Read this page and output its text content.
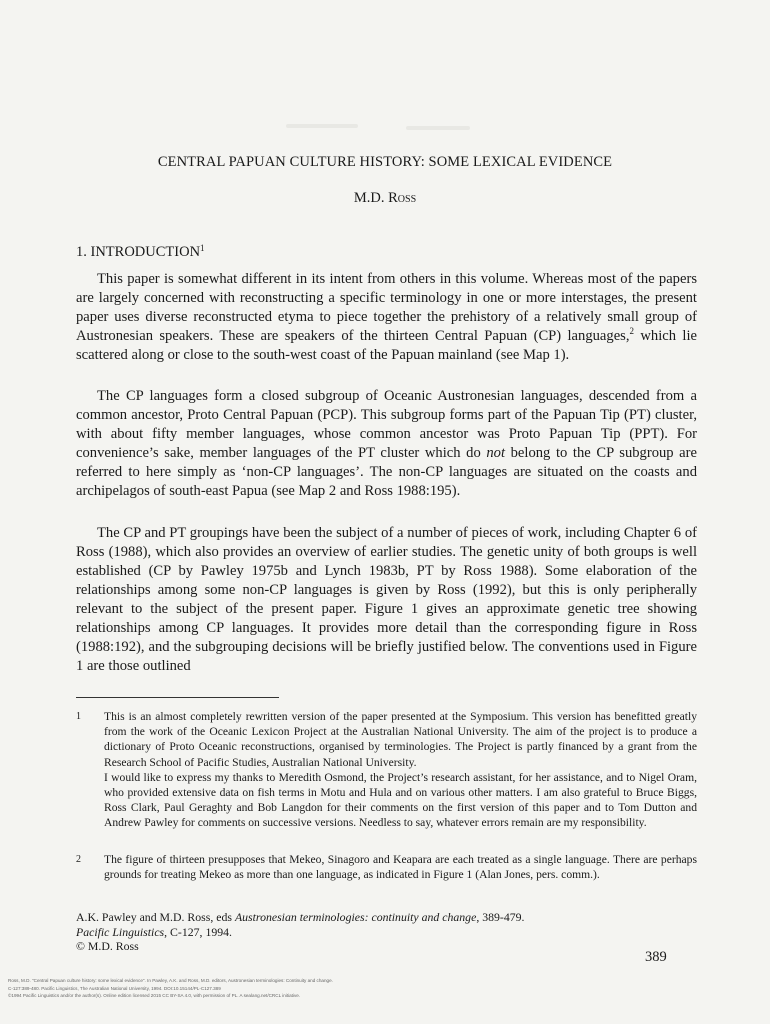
CENTRAL PAPUAN CULTURE HISTORY: SOME LEXICAL EVIDENCE
M.D. Ross
1. INTRODUCTION$^1$

This paper is somewhat different in its intent from others in this volume. Whereas most of the papers are largely concerned with reconstructing a specific terminology in one or more interstages, the present paper uses diverse reconstructed etyma to piece together the prehistory of a relatively small group of Austronesian speakers. These are speakers of the thirteen Central Papuan (CP) languages,$^2$ which lie scattered along or close to the south-west coast of the Papuan mainland (see Map 1).

The CP languages form a closed subgroup of Oceanic Austronesian languages, descended from a common ancestor, Proto Central Papuan (PCP). This subgroup forms part of the Papuan Tip (PT) cluster, with about fifty member languages, whose common ancestor was Proto Papuan Tip (PPT). For convenience’s sake, member languages of the PT cluster which do not belong to the CP subgroup are referred to here simply as ‘non-CP languages’. The non-CP languages are situated on the coasts and archipelagos of south-east Papua (see Map 2 and Ross 1988:195).

The CP and PT groupings have been the subject of a number of pieces of work, including Chapter 6 of Ross (1988), which also provides an overview of earlier studies. The genetic unity of both groups is well established (CP by Pawley 1975b and Lynch 1983b, PT by Ross 1988). Some elaboration of the relationships among some non-CP languages is given by Ross (1992), but this is only peripherally relevant to the subject of the present paper. Figure 1 gives an approximate genetic tree showing relationships among CP languages. It provides more detail than the corresponding figure in Ross (1988:192), and the subgrouping decisions will be briefly justified below. The conventions used in Figure 1 are those outlined

1 This is an almost completely rewritten version of the paper presented at the Symposium. This version has benefitted greatly from the work of the Oceanic Lexicon Project at the Australian National University. The aim of the project is to produce a dictionary of Proto Oceanic reconstructions, organised by terminologies. The Project is partly financed by a grant from the Research School of Pacific Studies, Australian National University.

I would like to express my thanks to Meredith Osmond, the Project’s research assistant, for her assistance, and to Nigel Oram, who provided extensive data on fish terms in Motu and Hula and on various other matters. I am also grateful to Bruce Biggs, Ross Clark, Paul Geraghty and Bob Langdon for their comments on the first version of this paper and to Tom Dutton and Andrew Pawley for comments on successive versions. Needless to say, whatever errors remain are my responsibility.

2 The figure of thirteen presupposes that Mekeo, Sinagoro and Keapara are each treated as a single language. There are perhaps grounds for treating Mekeo as more than one language, as indicated in Figure 1 (Alan Jones, pers. comm.).

A.K. Pawley and M.D. Ross, eds Austronesian terminologies: continuity and change, 389-479.

Pacific Linguistics, C-127, 1994.

© M.D. Ross

389

Ross, M.D. "Central Papuan culture history: some lexical evidence". In Pawley, A.K. and Ross, M.D. editors, Austronesian terminologies: Continuity and change.

C-127:389-480. Pacific Linguistics, The Australian National University, 1994. DOI:10.15144/PL-C127.389

©1994 Pacific Linguistics and/or the author(s). Online edition licensed 2015 CC BY-SA 4.0, with permission of PL. A sealang.net/CRCL initiative.
